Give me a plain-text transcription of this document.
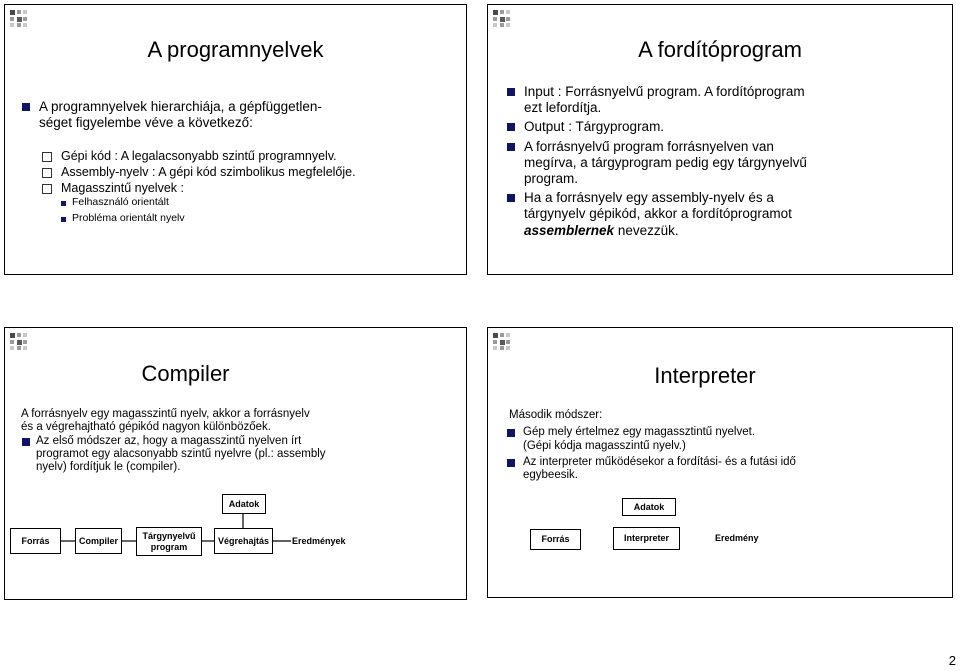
A programnyelvek
A programnyelvek hierarchiája, a gépfüggetlen-
séget figyelembe véve a következő:
Gépi kód : A legalacsonyabb szintű programnyelv.
Assembly-nyelv : A gépi kód szimbolikus megfelelője.
Magasszintű nyelvek :
Felhasználó orientált
Probléma orientált nyelv
A fordítóprogram
Input : Forrásnyelvű program. A fordítóprogram
ezt lefordítja.
Output : Tárgyprogram.
A forrásnyelvű program forrásnyelven van
megírva, a tárgyprogram pedig egy tárgynyelvű
program.
Ha a forrásnyelv egy assembly-nyelv és a
tárgynyelv gépikód, akkor a fordítóprogramot
assemblernek nevezzük.
Compiler
A forrásnyelv egy magasszintű nyelv, akkor a forrásnyelv
és a végrehajtható gépikód nagyon különbözőek.
Az első módszer az, hogy a magasszintű nyelven írt
programot egy alacsonyabb szintű nyelvre (pl.: assembly
nyelv) fordítjuk le (compiler).
Adatok
Forrás	Compiler	Tárgynyelvű
program
Végrehajtás	Eredmények
Interpreter
Második módszer:
Gép mely értelmez egy magassztintű nyelvet.
(Gépi kódja magasszintű nyelv.)
Az interpreter működésekor a fordítási- és a futási idő
egybeesik.
Adatok
Forrás	Interpreter	Eredmény
2
